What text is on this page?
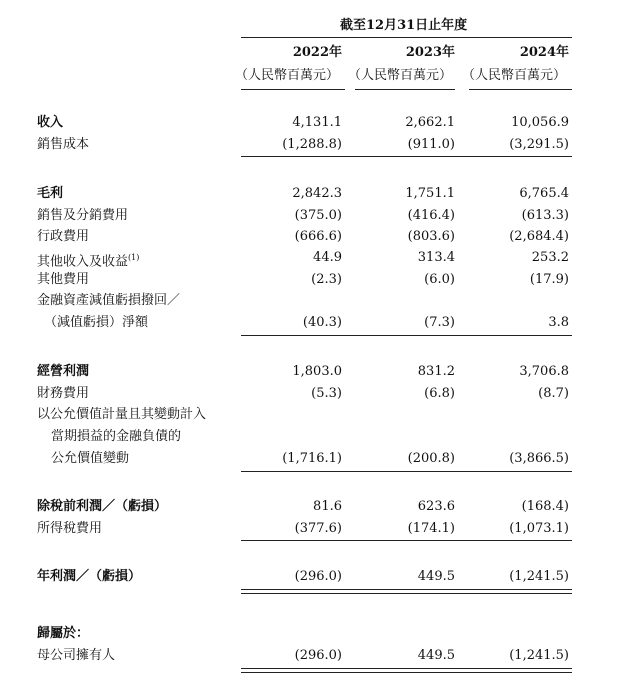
截至12月31日止年度
2022年	2023年	2024年
（人民幣百萬元） （人民幣百萬元） （人民幣百萬元）
收入	4,131.1	2,662.1	10,056.9
銷售成本	(1,288.8)	(911.0)	(3,291.5)
毛利	2,842.3	1,751.1	6,765.4
銷售及分銷費用	(375.0)	(416.4)	(613.3)
行政費用	(666.6)	(803.6)	(2,684.4)
其他收入及收益$^{(1)}$	44.9	313.4	253.2
其他費用	(2.3)	(6.0)	(17.9)
金融資產減值虧損撥回／
（減值虧損）淨額	(40.3)	(7.3)	3.8
經營利潤	1,803.0	831.2	3,706.8
財務費用	(5.3)	(6.8)	(8.7)
以公允價值計量且其變動計入
當期損益的金融負債的
公允價值變動	(1,716.1)	(200.8)	(3,866.5)
除稅前利潤／（虧損）	81.6	623.6	(168.4)
所得稅費用	(377.6)	(174.1)	(1,073.1)
年利潤／（虧損）	(296.0)	449.5	(1,241.5)
歸屬於：
母公司擁有人	(296.0)	449.5	(1,241.5)
